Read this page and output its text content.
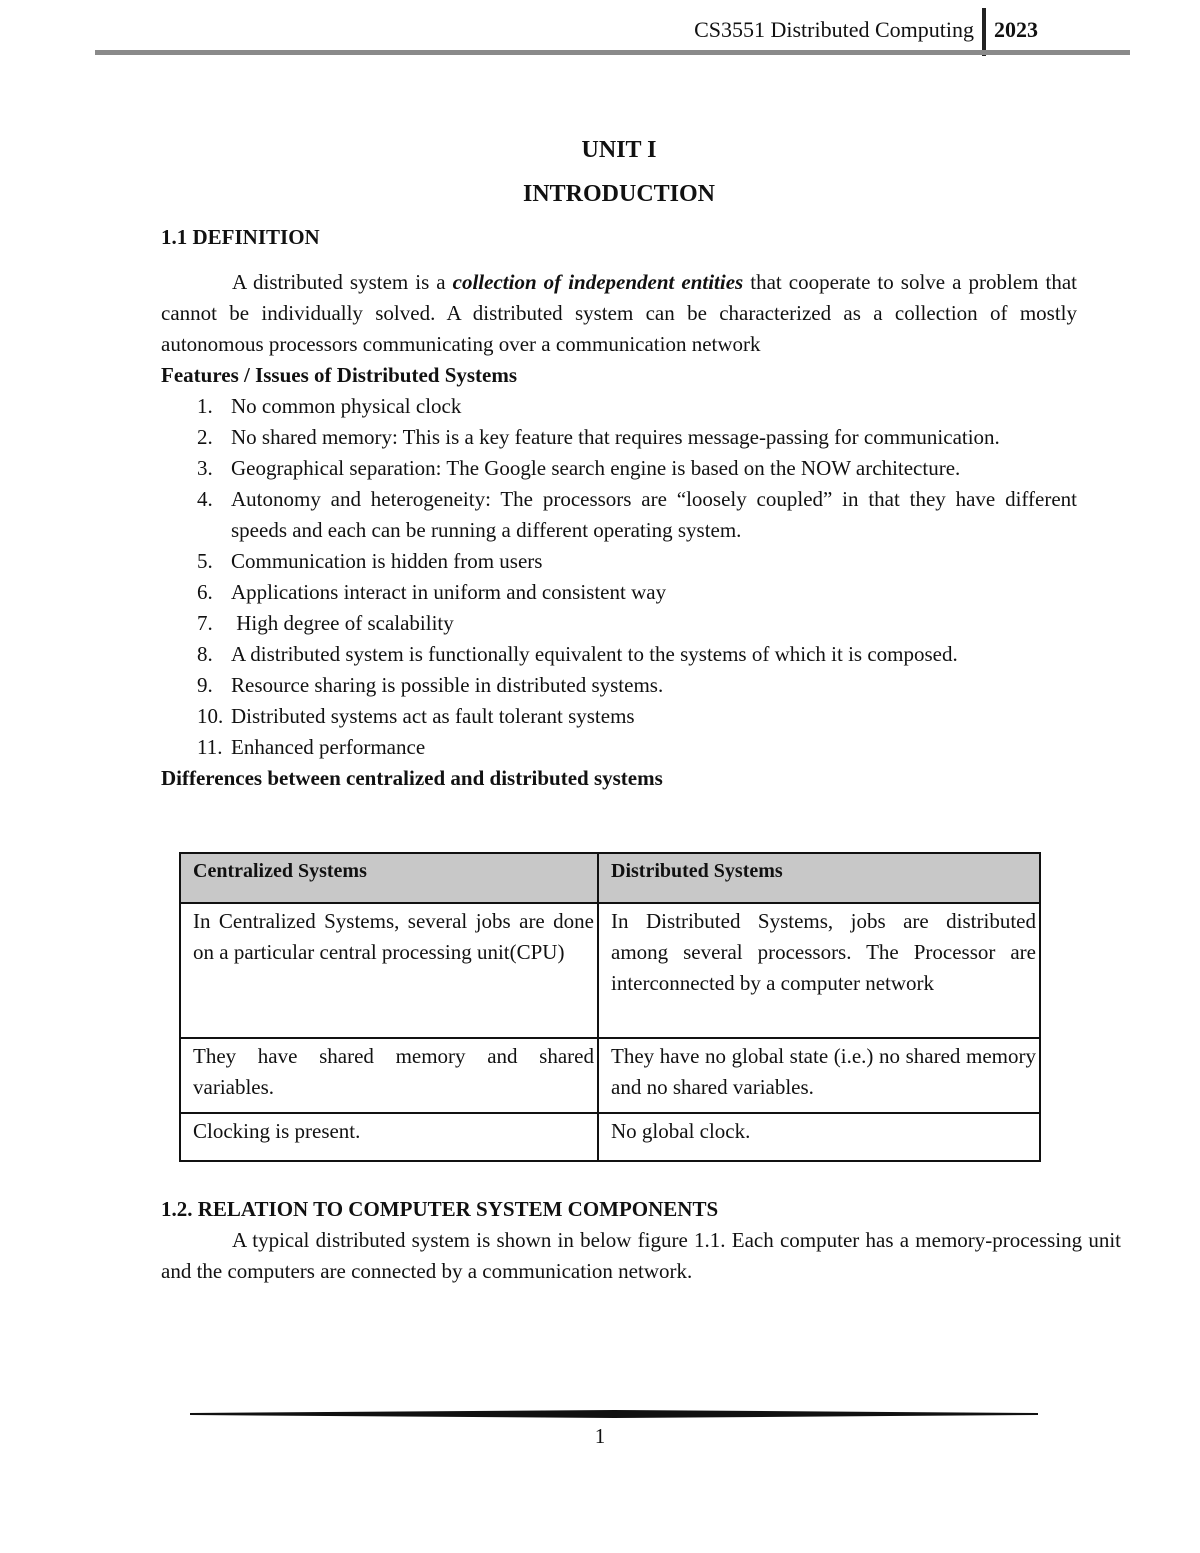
CS3551 Distributed Computing 2023
UNIT I
INTRODUCTION
1.1 DEFINITION

A distributed system is a collection of independent entities that cooperate to solve a problem that cannot be individually solved. A distributed system can be characterized as a collection of mostly autonomous processors communicating over a communication network

Features / Issues of Distributed Systems
1. No common physical clock
2. No shared memory: This is a key feature that requires message-passing for communication.
3. Geographical separation: The Google search engine is based on the NOW architecture.
4. Autonomy and heterogeneity: The processors are “loosely coupled” in that they have different speeds and each can be running a different operating system.
5. Communication is hidden from users
6. Applications interact in uniform and consistent way
7. High degree of scalability
8. A distributed system is functionally equivalent to the systems of which it is composed.
9. Resource sharing is possible in distributed systems.
10. Distributed systems act as fault tolerant systems
11. Enhanced performance
Differences between centralized and distributed systems
Centralized Systems	Distributed Systems
In Centralized Systems, several jobs are done on a particular central processing unit(CPU)	In Distributed Systems, jobs are distributed among several processors. The Processor are interconnected by a computer network
They have shared memory and shared variables.	They have no global state (i.e.) no shared memory and no shared variables.
Clocking is present.	No global clock.
1.2. RELATION TO COMPUTER SYSTEM COMPONENTS

A typical distributed system is shown in below figure 1.1. Each computer has a memory-processing unit and the computers are connected by a communication network.

1
